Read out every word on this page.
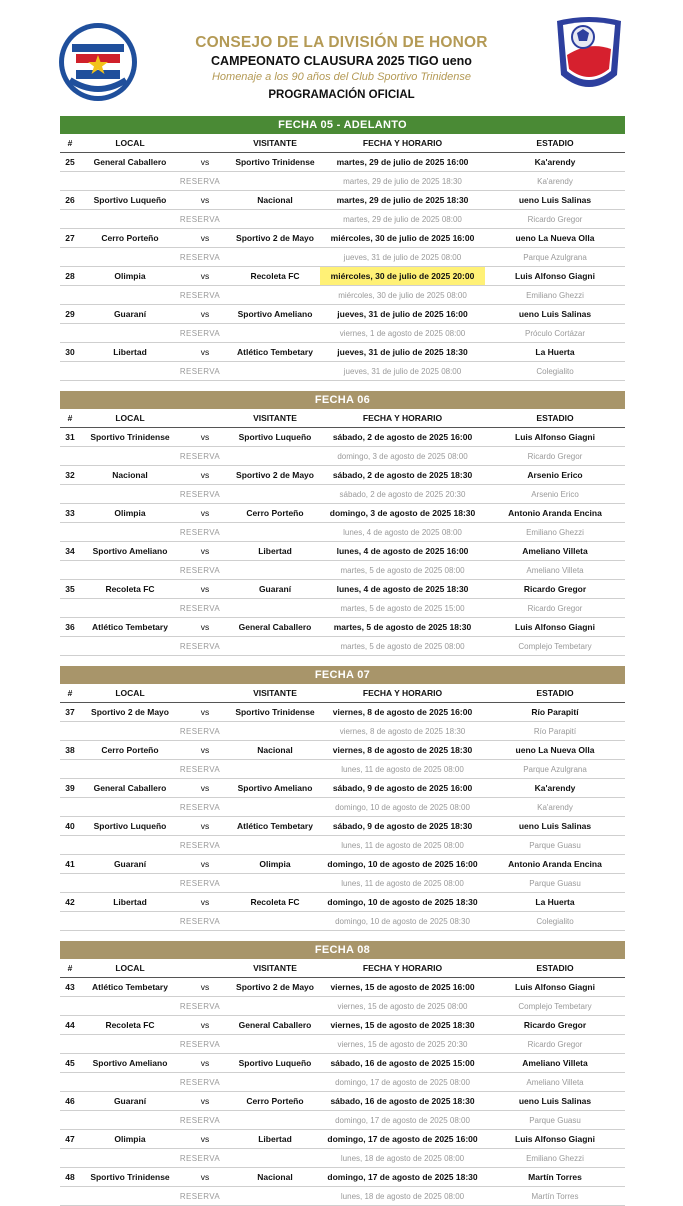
CONSEJO DE LA DIVISIÓN DE HONOR
CAMPEONATO CLAUSURA 2025 TIGO ueno
Homenaje a los 90 años del Club Sportivo Trinidense
PROGRAMACIÓN OFICIAL
FECHA 05 - ADELANTO
#	LOCAL		VISITANTE	FECHA Y HORARIO	ESTADIO
25	General Caballero	vs	Sportivo Trinidense	martes, 29 de julio de 2025 16:00	Ka'arendy
	RESERVA			martes, 29 de julio de 2025 18:30	Ka'arendy
26	Sportivo Luqueño	vs	Nacional	martes, 29 de julio de 2025 18:30	ueno Luis Salinas
	RESERVA			martes, 29 de julio de 2025 08:00	Ricardo Gregor
27	Cerro Porteño	vs	Sportivo 2 de Mayo	miércoles, 30 de julio de 2025 16:00	ueno La Nueva Olla
	RESERVA			jueves, 31 de julio de 2025 08:00	Parque Azulgrana
28	Olimpia	vs	Recoleta FC	miércoles, 30 de julio de 2025 20:00	Luis Alfonso Giagni
	RESERVA			miércoles, 30 de julio de 2025 08:00	Emiliano Ghezzi
29	Guaraní	vs	Sportivo Ameliano	jueves, 31 de julio de 2025 16:00	ueno Luis Salinas
	RESERVA			viernes, 1 de agosto de 2025 08:00	Próculo Cortázar
30	Libertad	vs	Atlético Tembetary	jueves, 31 de julio de 2025 18:30	La Huerta
	RESERVA			jueves, 31 de julio de 2025 08:00	Colegialito
FECHA 06
#	LOCAL		VISITANTE	FECHA Y HORARIO	ESTADIO
31	Sportivo Trinidense	vs	Sportivo Luqueño	sábado, 2 de agosto de 2025 16:00	Luis Alfonso Giagni
	RESERVA			domingo, 3 de agosto de 2025 08:00	Ricardo Gregor
32	Nacional	vs	Sportivo 2 de Mayo	sábado, 2 de agosto de 2025 18:30	Arsenio Erico
	RESERVA			sábado, 2 de agosto de 2025 20:30	Arsenio Erico
33	Olimpia	vs	Cerro Porteño	domingo, 3 de agosto de 2025 18:30	Antonio Aranda Encina
	RESERVA			lunes, 4 de agosto de 2025 08:00	Emiliano Ghezzi
34	Sportivo Ameliano	vs	Libertad	lunes, 4 de agosto de 2025 16:00	Ameliano Villeta
	RESERVA			martes, 5 de agosto de 2025 08:00	Ameliano Villeta
35	Recoleta FC	vs	Guaraní	lunes, 4 de agosto de 2025 18:30	Ricardo Gregor
	RESERVA			martes, 5 de agosto de 2025 15:00	Ricardo Gregor
36	Atlético Tembetary	vs	General Caballero	martes, 5 de agosto de 2025 18:30	Luis Alfonso Giagni
	RESERVA			martes, 5 de agosto de 2025 08:00	Complejo Tembetary
FECHA 07
#	LOCAL		VISITANTE	FECHA Y HORARIO	ESTADIO
37	Sportivo 2 de Mayo	vs	Sportivo Trinidense	viernes, 8 de agosto de 2025 16:00	Río Parapití
	RESERVA			viernes, 8 de agosto de 2025 18:30	Río Parapití
38	Cerro Porteño	vs	Nacional	viernes, 8 de agosto de 2025 18:30	ueno La Nueva Olla
	RESERVA			lunes, 11 de agosto de 2025 08:00	Parque Azulgrana
39	General Caballero	vs	Sportivo Ameliano	sábado, 9 de agosto de 2025 16:00	Ka'arendy
	RESERVA			domingo, 10 de agosto de 2025 08:00	Ka'arendy
40	Sportivo Luqueño	vs	Atlético Tembetary	sábado, 9 de agosto de 2025 18:30	ueno Luis Salinas
	RESERVA			lunes, 11 de agosto de 2025 08:00	Parque Guasu
41	Guaraní	vs	Olimpia	domingo, 10 de agosto de 2025 16:00	Antonio Aranda Encina
	RESERVA			lunes, 11 de agosto de 2025 08:00	Parque Guasu
42	Libertad	vs	Recoleta FC	domingo, 10 de agosto de 2025 18:30	La Huerta
	RESERVA			domingo, 10 de agosto de 2025 08:30	Colegialito
FECHA 08
#	LOCAL		VISITANTE	FECHA Y HORARIO	ESTADIO
43	Atlético Tembetary	vs	Sportivo 2 de Mayo	viernes, 15 de agosto de 2025 16:00	Luis Alfonso Giagni
	RESERVA			viernes, 15 de agosto de 2025 08:00	Complejo Tembetary
44	Recoleta FC	vs	General Caballero	viernes, 15 de agosto de 2025 18:30	Ricardo Gregor
	RESERVA			viernes, 15 de agosto de 2025 20:30	Ricardo Gregor
45	Sportivo Ameliano	vs	Sportivo Luqueño	sábado, 16 de agosto de 2025 15:00	Ameliano Villeta
	RESERVA			domingo, 17 de agosto de 2025 08:00	Ameliano Villeta
46	Guaraní	vs	Cerro Porteño	sábado, 16 de agosto de 2025 18:30	ueno Luis Salinas
	RESERVA			domingo, 17 de agosto de 2025 08:00	Parque Guasu
47	Olimpia	vs	Libertad	domingo, 17 de agosto de 2025 16:00	Luis Alfonso Giagni
	RESERVA			lunes, 18 de agosto de 2025 08:00	Emiliano Ghezzi
48	Sportivo Trinidense	vs	Nacional	domingo, 17 de agosto de 2025 18:30	Martín Torres
	RESERVA			lunes, 18 de agosto de 2025 08:00	Martín Torres
